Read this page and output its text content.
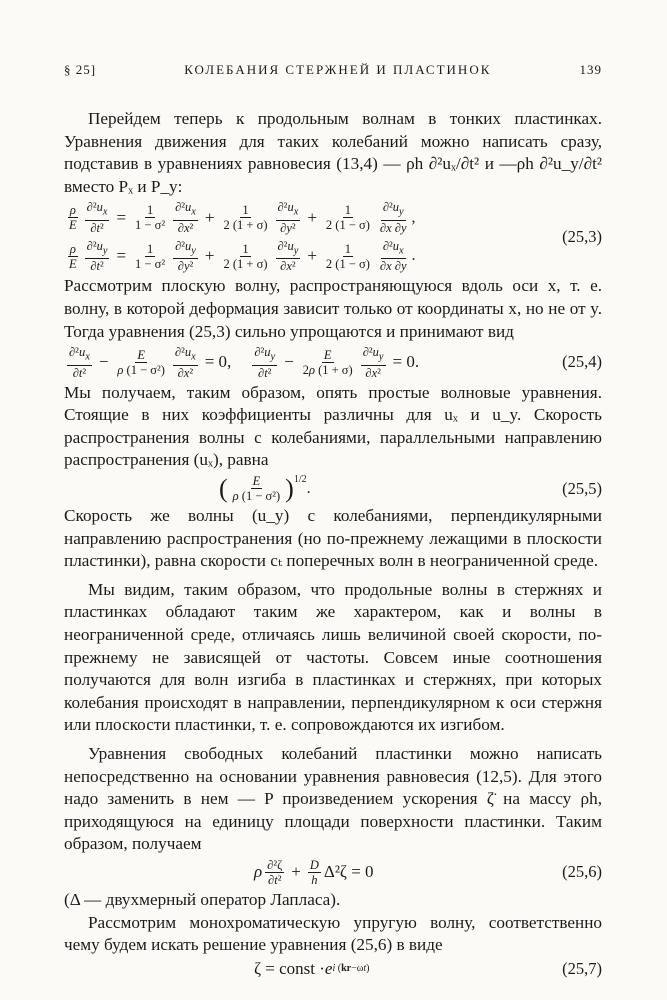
§ 25]	КОЛЕБАНИЯ СТЕРЖНЕЙ И ПЛАСТИНОК	139

Перейдем теперь к продольным волнам в тонких пластинках. Уравнения движения для таких колебаний можно написать сразу, подставив в уравнениях равновесия (13,4) — ρh ∂²uₓ/∂t² и —ρh ∂²u_y/∂t² вместо Pₓ и P_y:

$\frac{\rho}{E} \frac{\partial^2u_x}{\text{∂t²}} = \frac{1}{\text{1 − σ²}} \frac{\partial^2u_x}{\text{∂x²}} + \frac{1}{2 (1 + \sigma)} \frac{\partial^2u_x}{\text{∂y²}} + \frac{1}{2 (1 - \sigma)} \frac{\partial^2u_y}{\partial x \partial y}$ ,
$\frac{\rho}{E} \frac{\partial^2u_y}{\text{∂t²}} = \frac{1}{\text{1 − σ²}} \frac{\partial^2u_y}{\text{∂y²}} + \frac{1}{2 (1 + \sigma)} \frac{\partial^2u_y}{\text{∂x²}} + \frac{1}{2 (1 - \sigma)} \frac{\partial^2u_x}{\partial x \partial y}$ .
(25,3)

Рассмотрим плоскую волну, распространяющуюся вдоль оси x, т. е. волну, в которой деформация зависит только от координаты x, но не от y. Тогда уравнения (25,3) сильно упрощаются и принимают вид

$\frac{\partial^2u_x}{\text{∂t²}} - \frac{E}{\text{ρ (1 − σ²)}} \frac{\partial^2u_x}{\text{∂x²}} = 0$, $\frac{\partial^2u_y}{\text{∂t²}} - \frac{E}{2\rho (1 + \sigma)} \frac{\partial^2u_y}{\text{∂x²}} = 0$.	(25,4)

Мы получаем, таким образом, опять простые волновые уравнения. Стоящие в них коэффициенты различны для uₓ и u_y. Скорость распространения волны с колебаниями, параллельными направлению распространения (uₓ), равна

( $\frac{E}{\text{ρ (1 − σ²)}} )^{1/2}$ .	(25,5)

Скорость же волны (u_y) с колебаниями, перпендикулярными направлению распространения (но по-прежнему лежащими в плоскости пластинки), равна скорости cₜ поперечных волн в неограниченной среде.

Мы видим, таким образом, что продольные волны в стержнях и пластинках обладают таким же характером, как и волны в неограниченной среде, отличаясь лишь величиной своей скорости, по-прежнему не зависящей от частоты. Совсем иные соотношения получаются для волн изгиба в пластинках и стержнях, при которых колебания происходят в направлении, перпендикулярном к оси стержня или плоскости пластинки, т. е. сопровождаются их изгибом.

Уравнения свободных колебаний пластинки можно написать непосредственно на основании уравнения равновесия (12,5). Для этого надо заменить в нем — P произведением ускорения ζ̈ на массу ρh, приходящуюся на единицу площади поверхности пластинки. Таким образом, получаем

ρ $\frac{\text{∂²ζ}}{\text{∂t²}} + \frac{D}{h} \Delta^2\zeta = 0$	(25,6)

(Δ — двухмерный оператор Лапласа).

Рассмотрим монохроматическую упругую волну, соответственно чему будем искать решение уравнения (25,6) в виде

ζ = const · e i (kr−ωt)	(25,7)
